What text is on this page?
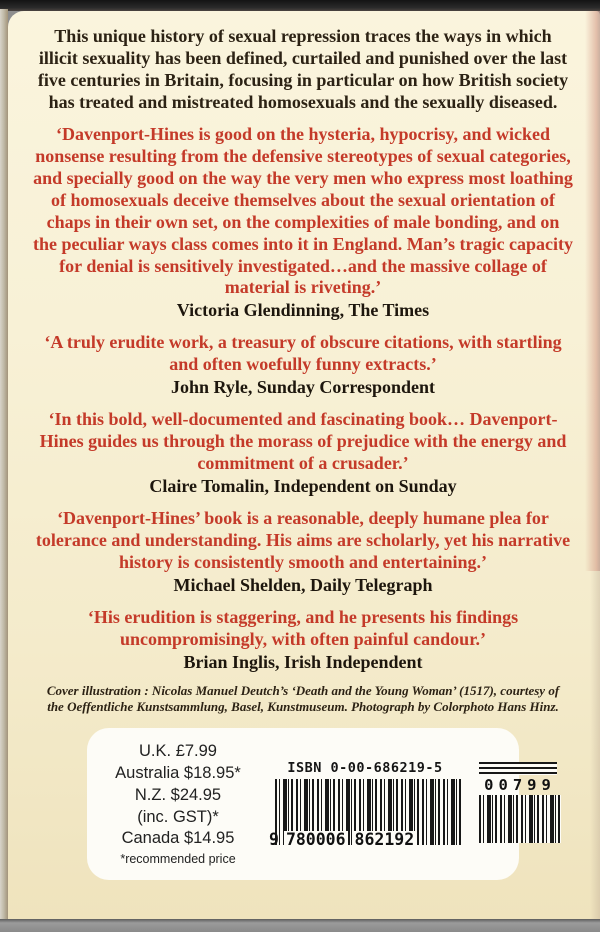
This unique history of sexual repression traces the ways in which illicit sexuality has been defined, curtailed and punished over the last five centuries in Britain, focusing in particular on how British society has treated and mistreated homosexuals and the sexually diseased.

‘Davenport-Hines is good on the hysteria, hypocrisy, and wicked nonsense resulting from the defensive stereotypes of sexual categories, and specially good on the way the very men who express most loathing of homosexuals deceive themselves about the sexual orientation of chaps in their own set, on the complexities of male bonding, and on the peculiar ways class comes into it in England. Man’s tragic capacity for denial is sensitively investigated…and the massive collage of material is riveting.’

Victoria Glendinning, The Times

‘A truly erudite work, a treasury of obscure citations, with startling and often woefully funny extracts.’

John Ryle, Sunday Correspondent

‘In this bold, well-documented and fascinating book… Davenport-Hines guides us through the morass of prejudice with the energy and commitment of a crusader.’

Claire Tomalin, Independent on Sunday

‘Davenport-Hines’ book is a reasonable, deeply humane plea for tolerance and understanding. His aims are scholarly, yet his narrative history is consistently smooth and entertaining.’

Michael Shelden, Daily Telegraph

‘His erudition is staggering, and he presents his findings uncompromisingly, with often painful candour.’

Brian Inglis, Irish Independent

Cover illustration : Nicolas Manuel Deutch’s ‘Death and the Young Woman’ (1517), courtesy of the Oeffentliche Kunstsammlung, Basel, Kunstmuseum. Photograph by Colorphoto Hans Hinz.

U.K. £7.99
Australia $18.95*
N.Z. $24.95
(inc. GST)*
Canada $14.95
*recommended price
ISBN 0-00-686219-5
9 780006 862192
00799
